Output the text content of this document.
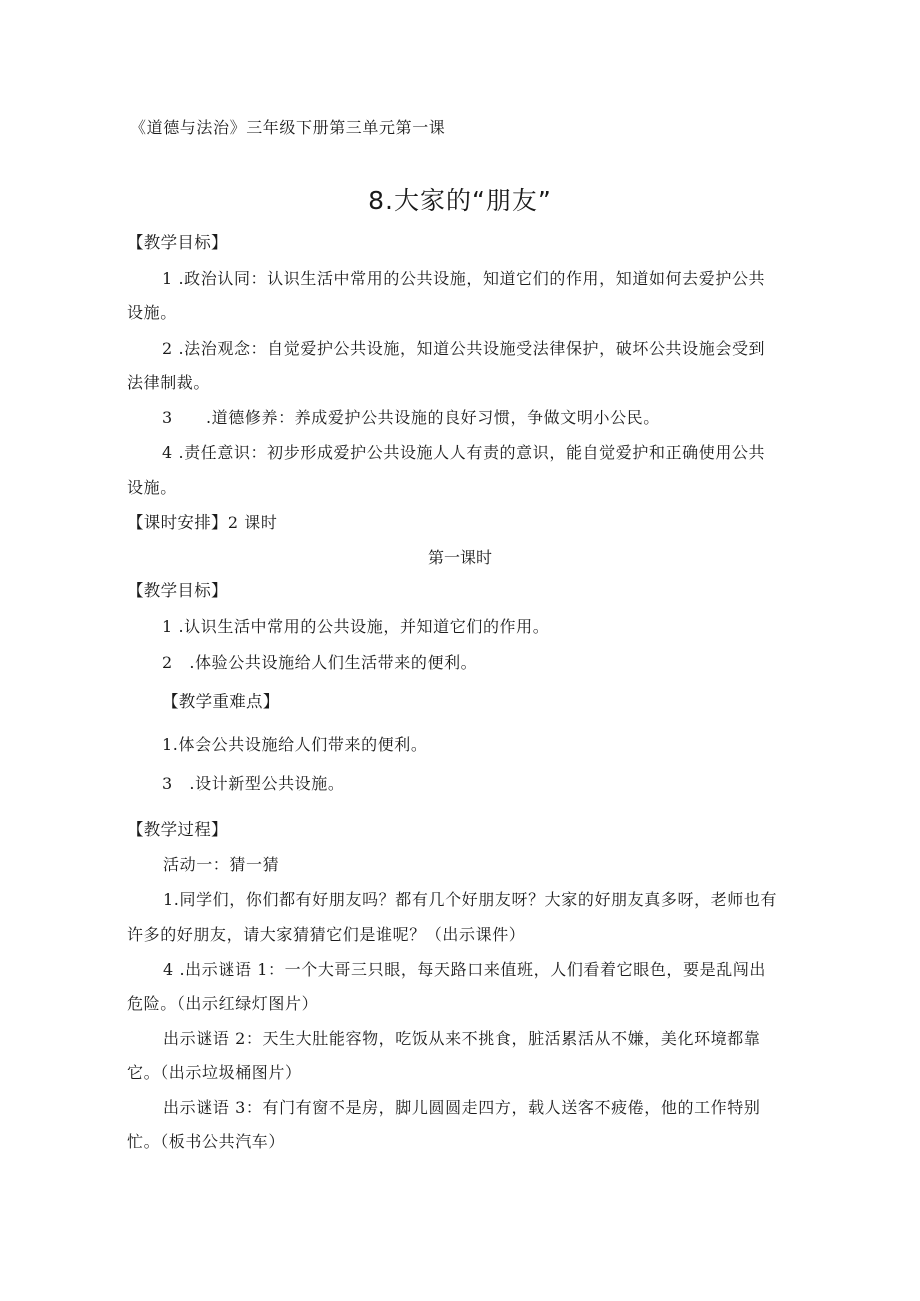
《道德与法治》三年级下册第三单元第一课
8.大家的“朋友”
【教学目标】
1 .政治认同：认识生活中常用的公共设施，知道它们的作用，知道如何去爱护公共
设施。
2 .法治观念：自觉爱护公共设施，知道公共设施受法律保护，破坏公共设施会受到
法律制裁。
3　　.道德修养：养成爱护公共设施的良好习惯，争做文明小公民。
4 .责任意识：初步形成爱护公共设施人人有责的意识，能自觉爱护和正确使用公共
设施。
【课时安排】2 课时
第一课时
【教学目标】
1 .认识生活中常用的公共设施，并知道它们的作用。
2　.体验公共设施给人们生活带来的便利。
【教学重难点】
1.体会公共设施给人们带来的便利。
3　.设计新型公共设施。
【教学过程】
活动一：猜一猜
1.同学们，你们都有好朋友吗？都有几个好朋友呀？大家的好朋友真多呀，老师也有
许多的好朋友，请大家猜猜它们是谁呢？（出示课件）
4 .出示谜语 1：一个大哥三只眼，每天路口来值班，人们看着它眼色，要是乱闯出
危险。（出示红绿灯图片）
出示谜语 2：天生大肚能容物，吃饭从来不挑食，脏活累活从不嫌，美化环境都靠
它。（出示垃圾桶图片）
出示谜语 3：有门有窗不是房，脚儿圆圆走四方，载人送客不疲倦，他的工作特别
忙。（板书公共汽车）
